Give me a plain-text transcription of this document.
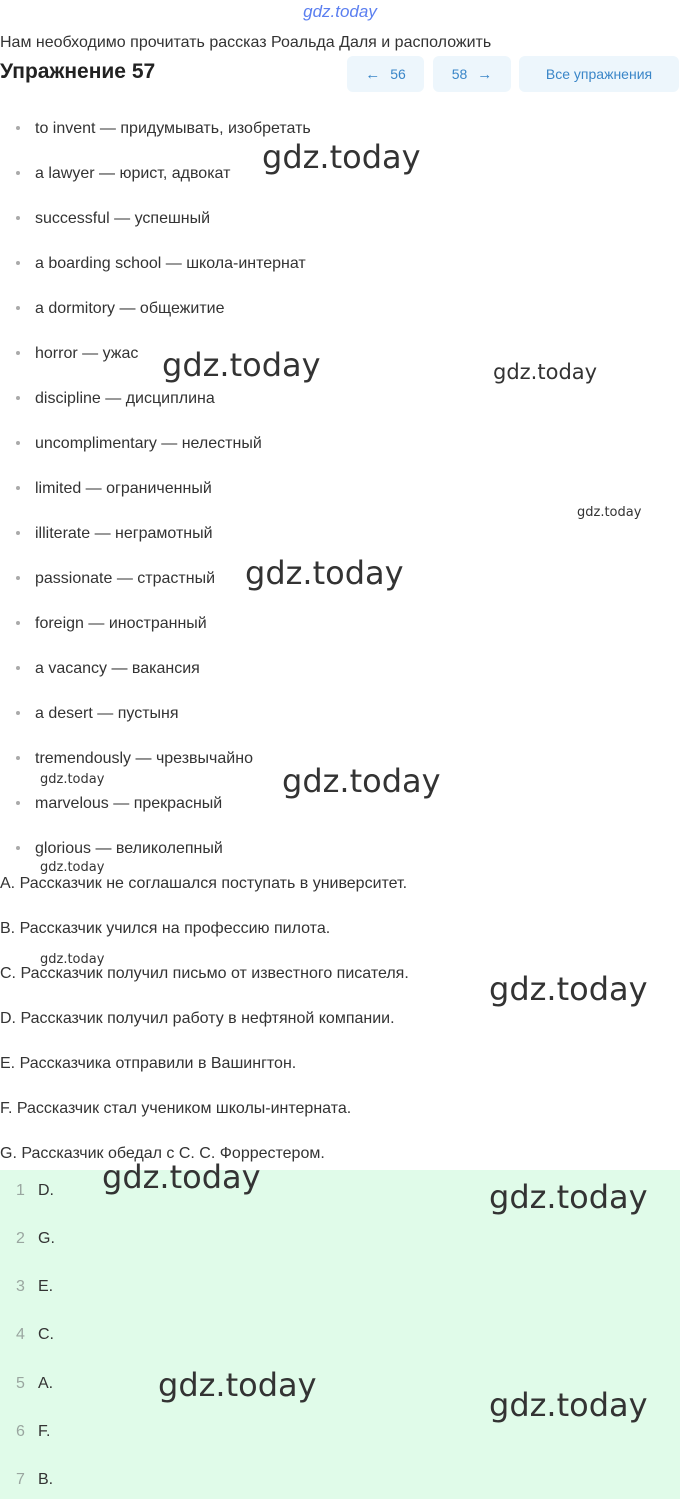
gdz.today
Нам необходимо прочитать рассказ Роальда Даля и расположить
Упражнение 57	← 56	58 →	Все упражнения
to invent — придумывать, изобретать
a lawyer — юрист, адвокат
successful — успешный
a boarding school — школа-интернат
a dormitory — общежитие
horror — ужас
discipline — дисциплина
uncomplimentary — нелестный
limited — ограниченный
illiterate — неграмотный
passionate — страстный
foreign — иностранный
a vacancy — вакансия
a desert — пустыня
tremendously — чрезвычайно
marvelous — прекрасный
glorious — великолепный
A. Рассказчик не соглашался поступать в университет.
B. Рассказчик учился на профессию пилота.
C. Рассказчик получил письмо от известного писателя.
D. Рассказчик получил работу в нефтяной компании.
E. Рассказчика отправили в Вашингтон.
F. Рассказчик стал учеником школы-интерната.
G. Рассказчик обедал с С. С. Форрестером.
1 D.
2 G.
3 E.
4 C.
5 A.
6 F.
7 B.
gdz.today
gdz.today	gdz.today
gdz.today
gdz.today
gdz.today	gdz.today
gdz.today
gdz.today
gdz.today
gdz.today
gdz.today
gdz.today
gdz.today
